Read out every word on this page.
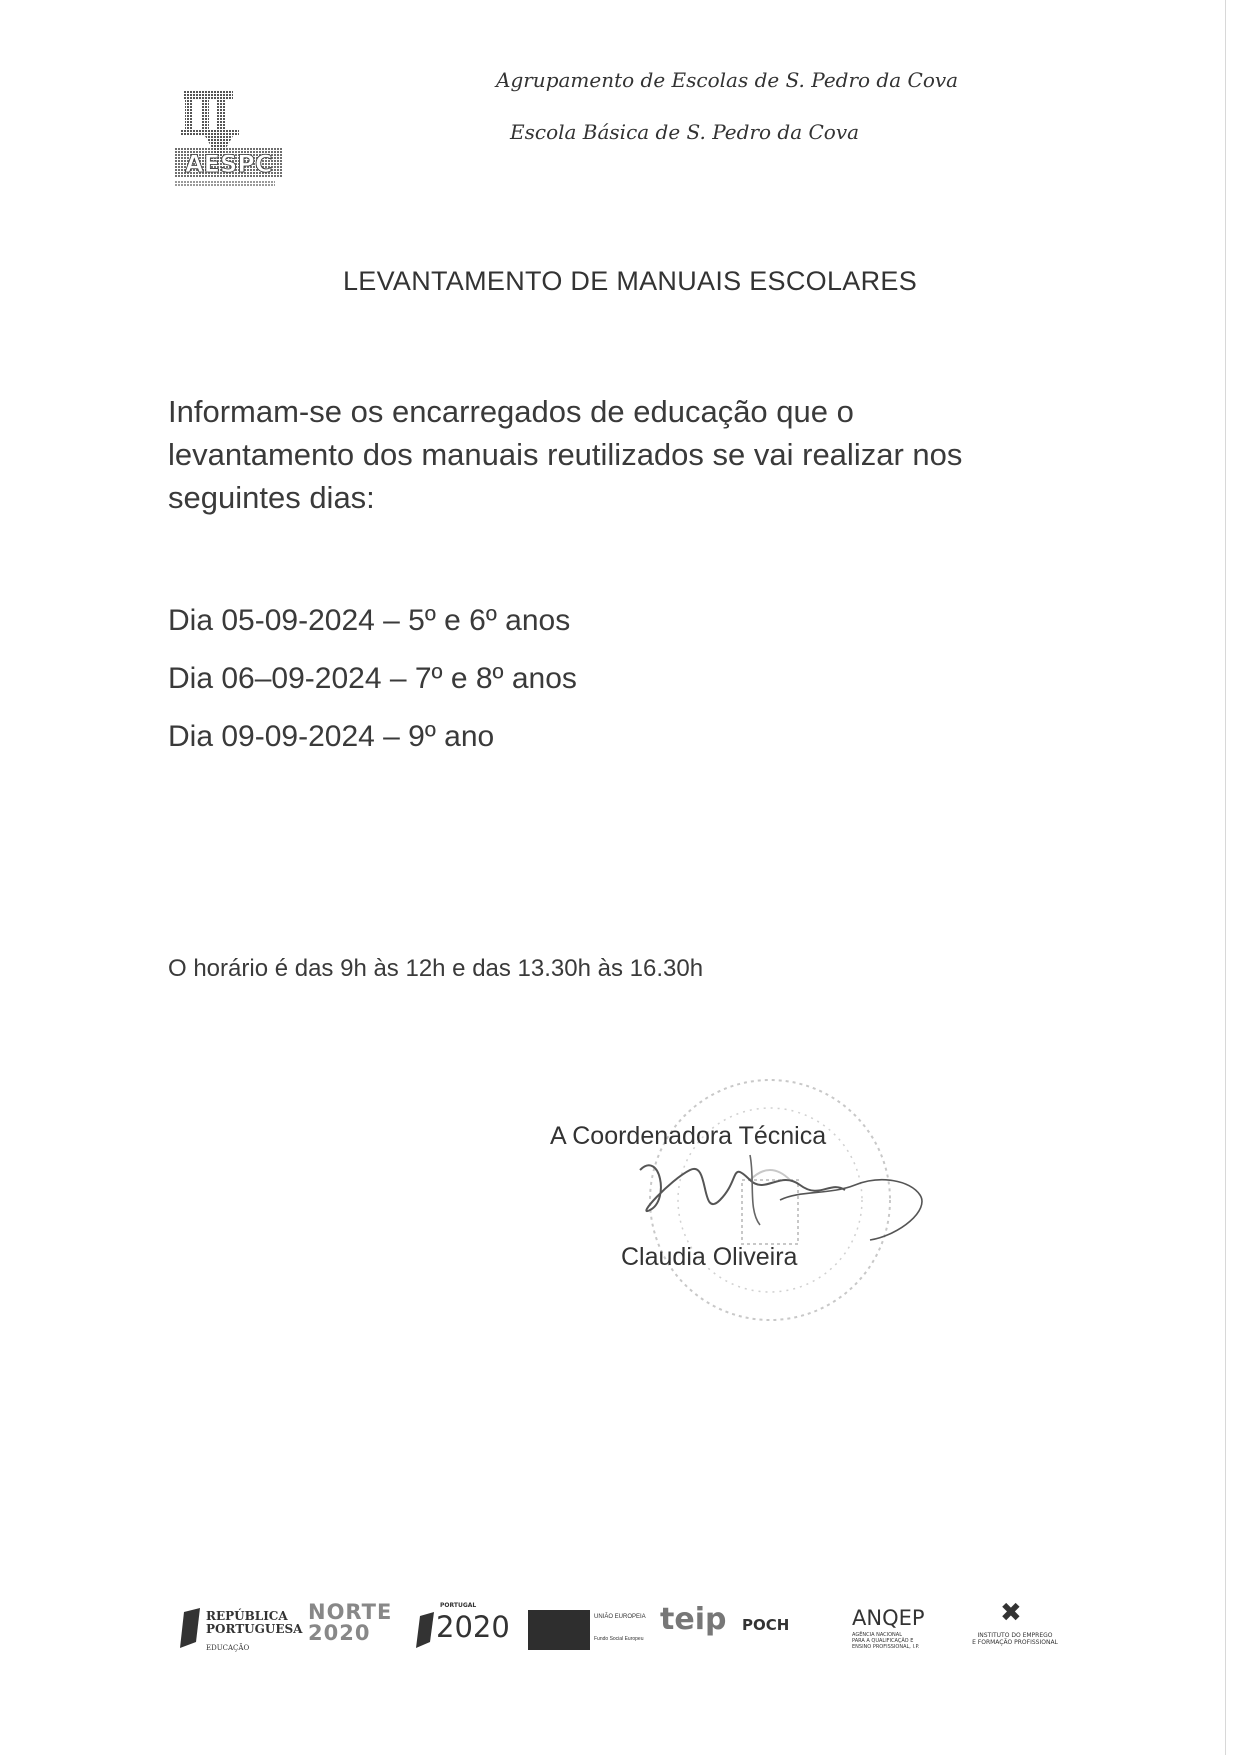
AESPC
Agrupamento de Escolas de S. Pedro da Cova
Escola Básica de S. Pedro da Cova
LEVANTAMENTO DE MANUAIS ESCOLARES
Informam-se os encarregados de educação que o
levantamento dos manuais reutilizados se vai realizar nos
seguintes dias:
Dia 05-09-2024 – 5º e 6º anos
Dia 06–09-2024 – 7º e 8º anos
Dia 09-09-2024 – 9º ano
O horário é das 9h às 12h e das 13.30h às 16.30h
A Coordenadora Técnica
Claudia Oliveira
REPÚBLICA
PORTUGUESA
EDUCAÇÃO
NORTE
2020
PORTUGAL
2020	UNIÃO EUROPEIA
Fundo Social Europeu
teip POCH	ANQEP
AGÊNCIA NACIONAL
PARA A QUALIFICAÇÃO E
ENSINO PROFISSIONAL, I.P.
✖
INSTITUTO DO EMPREGO
E FORMAÇÃO PROFISSIONAL
